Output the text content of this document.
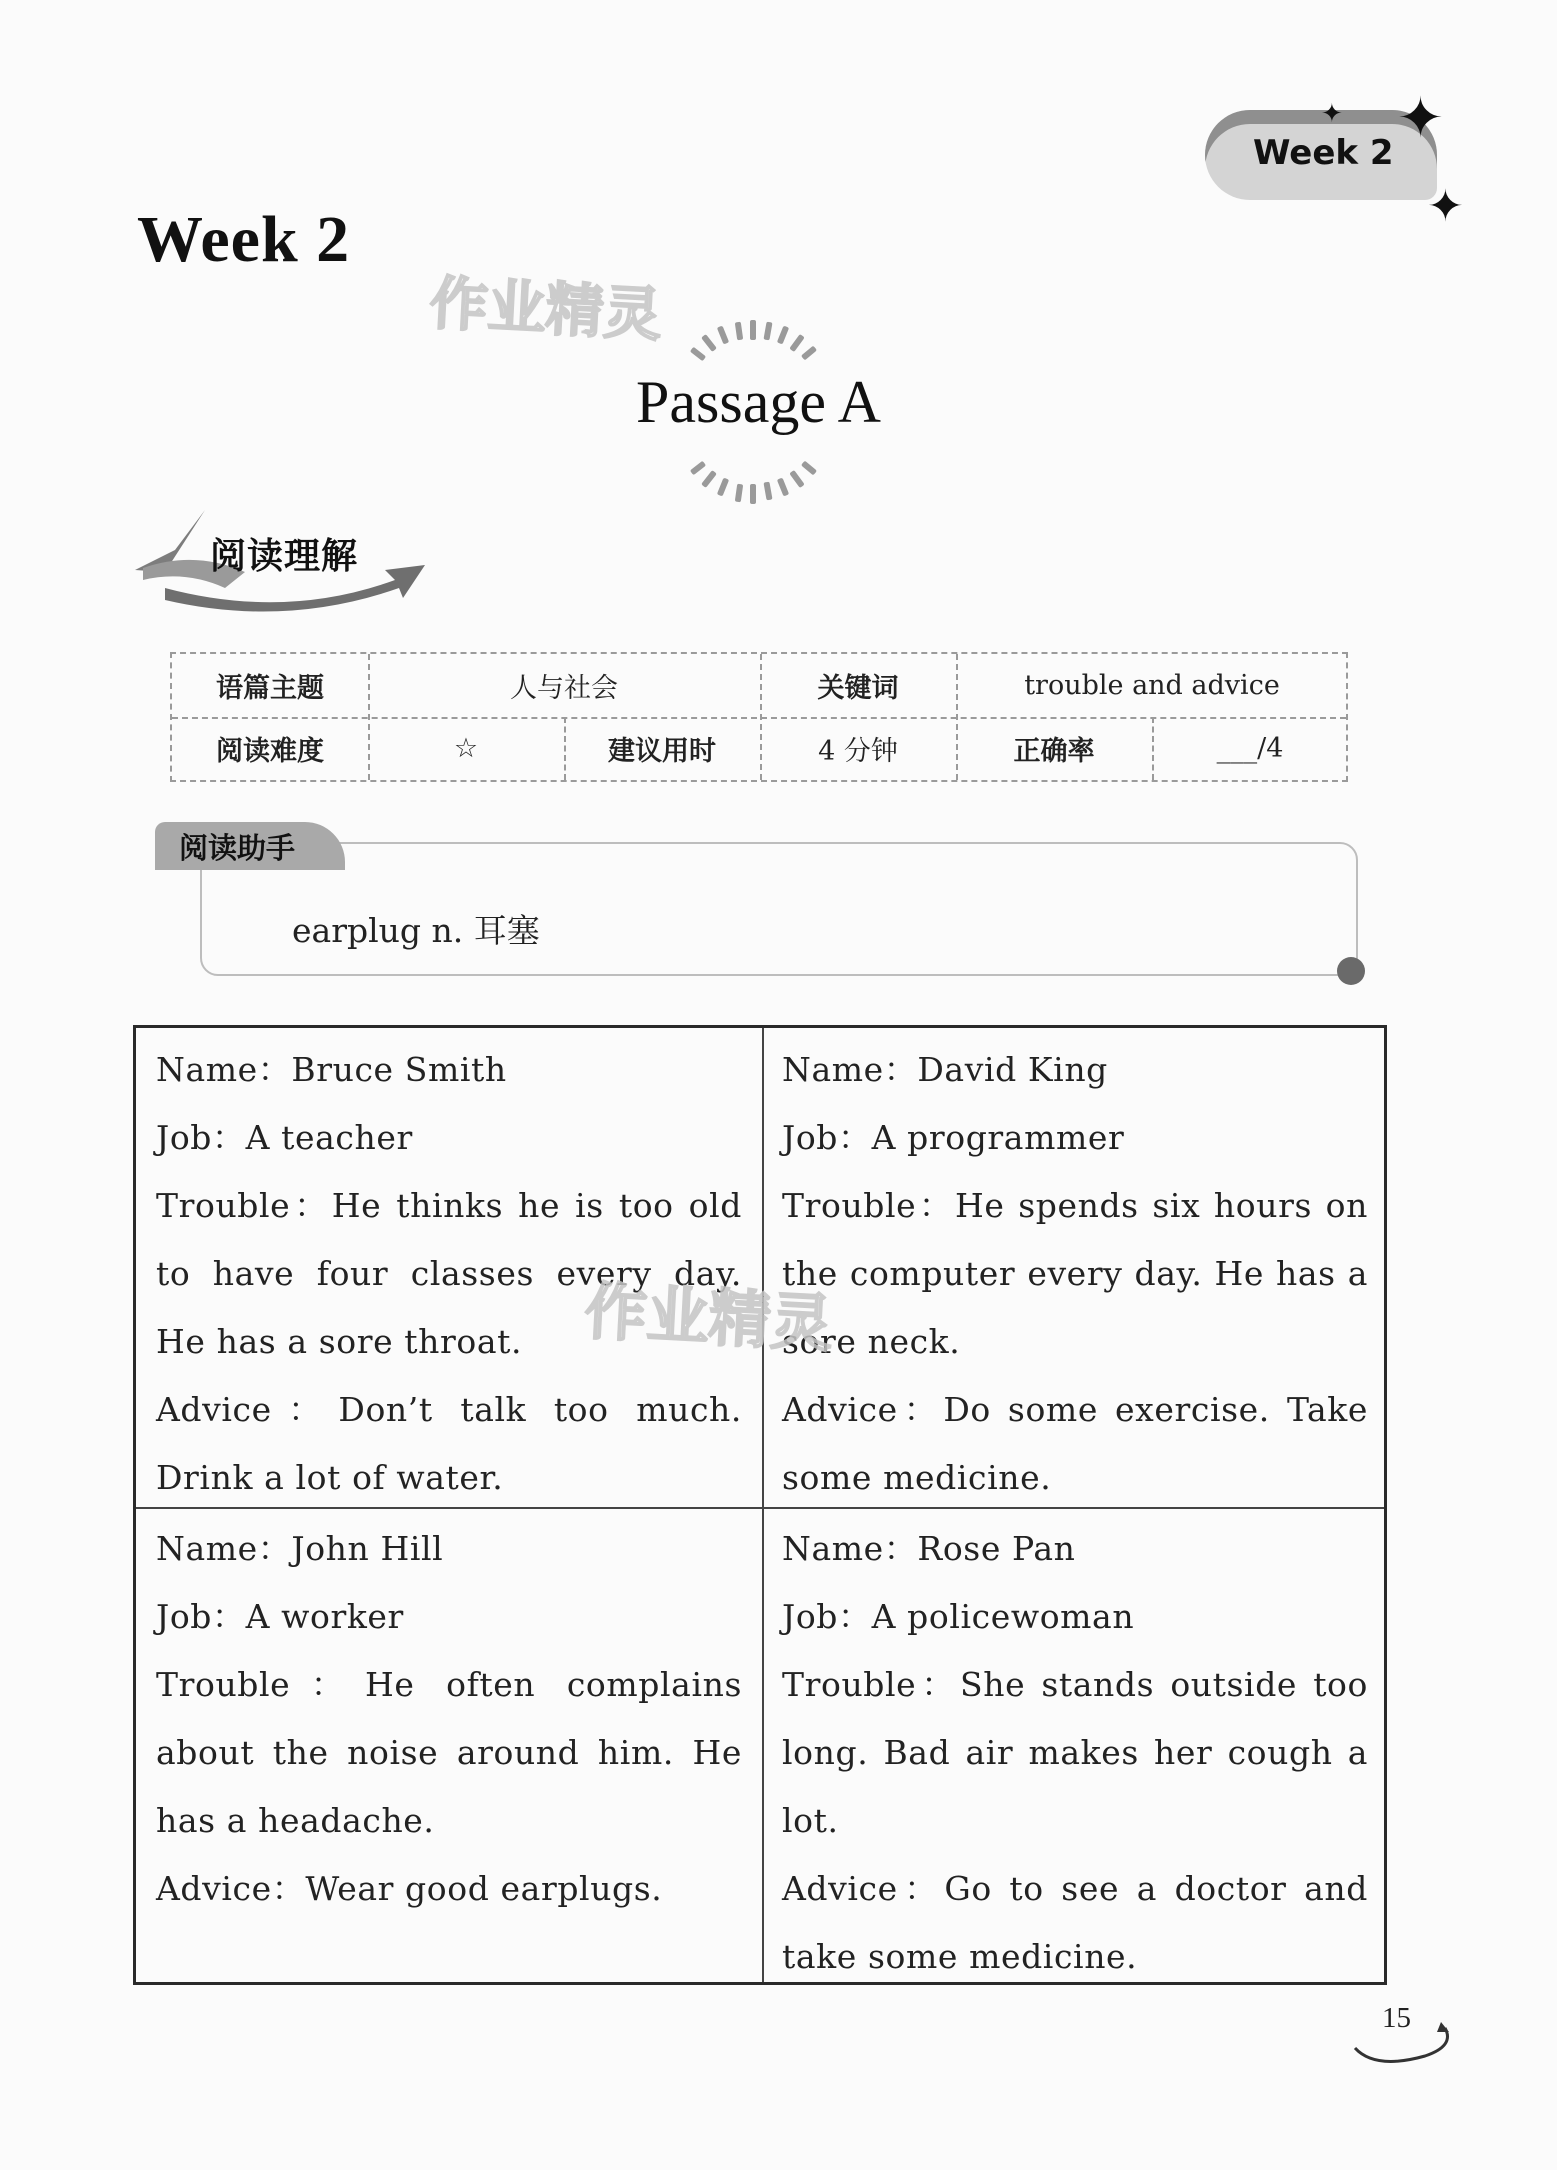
Week 2
✦ ✦
✦
Week 2
作业精灵
Passage A
阅读理解
语篇主题	人与社会	关键词	trouble and advice
阅读难度	☆	建议用时	4 分钟	正确率	___/4
阅读助手
earplug n. 耳塞

Name：Bruce Smith

Job：A teacher

Trouble：He thinks he is too old to have four classes every day. He has a sore throat.

Advice：Don’t talk too much. Drink a lot of water.

Name：David King

Job：A programmer

Trouble：He spends six hours on the computer every day. He has a sore neck.

Advice：Do some exercise. Take some medicine.

Name：John Hill

Job：A worker

Trouble：He often complains about the noise around him. He has a headache.

Advice：Wear good earplugs.

Name：Rose Pan

Job：A policewoman

Trouble：She stands outside too long. Bad air makes her cough a lot.

Advice：Go to see a doctor and take some medicine.

作业精灵
15
